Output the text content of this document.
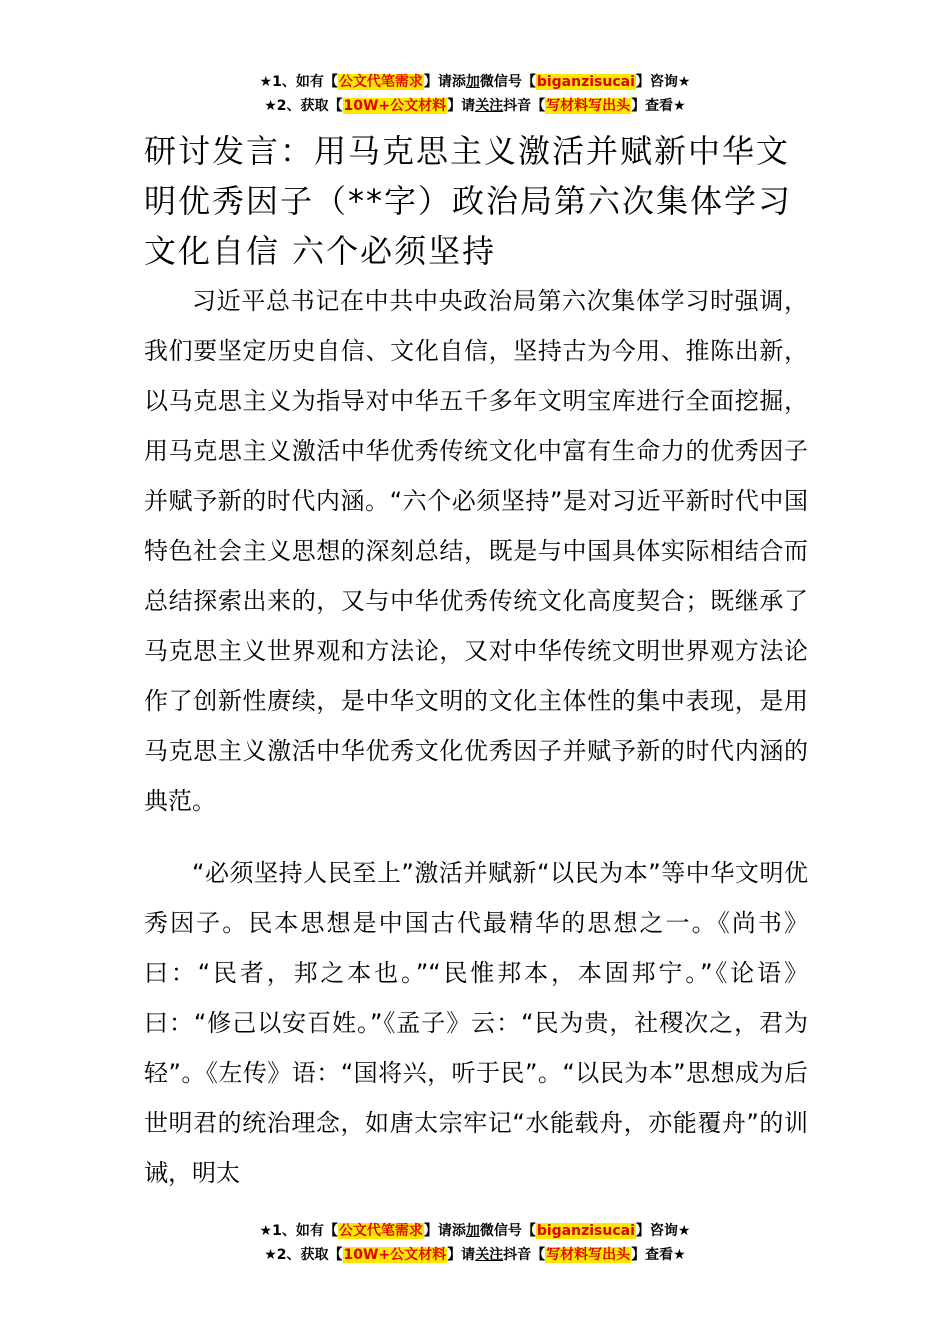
★1、如有【公文代笔需求】请添加微信号【biganzisucai】咨询★
★2、获取【10W+公文材料】请关注抖音【写材料写出头】查看★
研讨发言：用马克思主义激活并赋新中华文明优秀因子（**字）政治局第六次集体学习 文化自信 六个必须坚持

习近平总书记在中共中央政治局第六次集体学习时强调，我们要坚定历史自信、文化自信，坚持古为今用、推陈出新，以马克思主义为指导对中华五千多年文明宝库进行全面挖掘，用马克思主义激活中华优秀传统文化中富有生命力的优秀因子并赋予新的时代内涵。“六个必须坚持”是对习近平新时代中国特色社会主义思想的深刻总结，既是与中国具体实际相结合而总结探索出来的，又与中华优秀传统文化高度契合；既继承了马克思主义世界观和方法论，又对中华传统文明世界观方法论作了创新性赓续，是中华文明的文化主体性的集中表现，是用马克思主义激活中华优秀文化优秀因子并赋予新的时代内涵的典范。

“必须坚持人民至上”激活并赋新“以民为本”等中华文明优秀因子。民本思想是中国古代最精华的思想之一。《尚书》曰：“民者，邦之本也。”“民惟邦本，本固邦宁。”《论语》曰：“修己以安百姓。”《孟子》云：“民为贵，社稷次之，君为轻”。《左传》语：“国将兴，听于民”。“以民为本”思想成为后世明君的统治理念，如唐太宗牢记“水能载舟，亦能覆舟”的训诫，明太

★1、如有【公文代笔需求】请添加微信号【biganzisucai】咨询★
★2、获取【10W+公文材料】请关注抖音【写材料写出头】查看★
